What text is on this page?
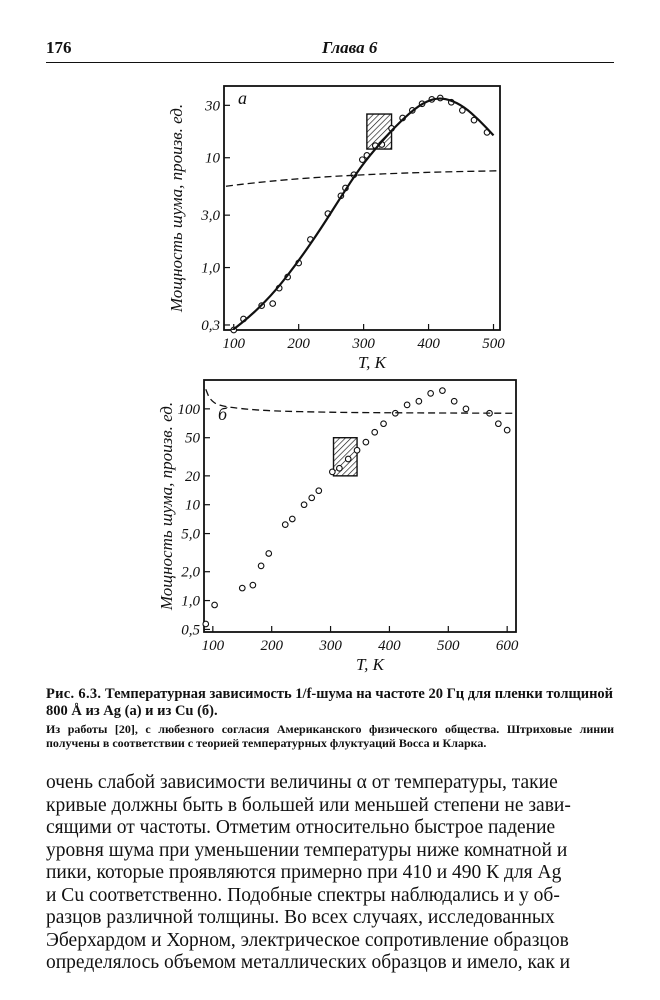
176	Глава 6
100	200	300	400	500
0,3
1,0
3,0
10
30
T, K
Мощность шума, произв. ед.
а
100 200 300 400 500 600
0,5
1,0
2,0
5,0
10
20
50
100
T, K
Мощность шума, произв. ед. б
Рис. 6.3. Температурная зависимость 1/f-шума на частоте 20 Гц для пленки толщиной 800 Å из Ag (а) и из Cu (б).
Из работы [20], с любезного согласия Американского физического общества. Штриховые линии получены в соответствии с теорией температурных флуктуаций Восса и Кларка.
очень слабой зависимости величины α от температуры, такие
кривые должны быть в большей или меньшей степени не зави-
сящими от частоты. Отметим относительно быстрое падение
уровня шума при уменьшении температуры ниже комнатной и
пики, которые проявляются примерно при 410 и 490 К для Ag
и Cu соответственно. Подобные спектры наблюдались и у об-
разцов различной толщины. Во всех случаях, исследованных
Эберхардом и Хорном, электрическое сопротивление образцов
определялось объемом металлических образцов и имело, как и
